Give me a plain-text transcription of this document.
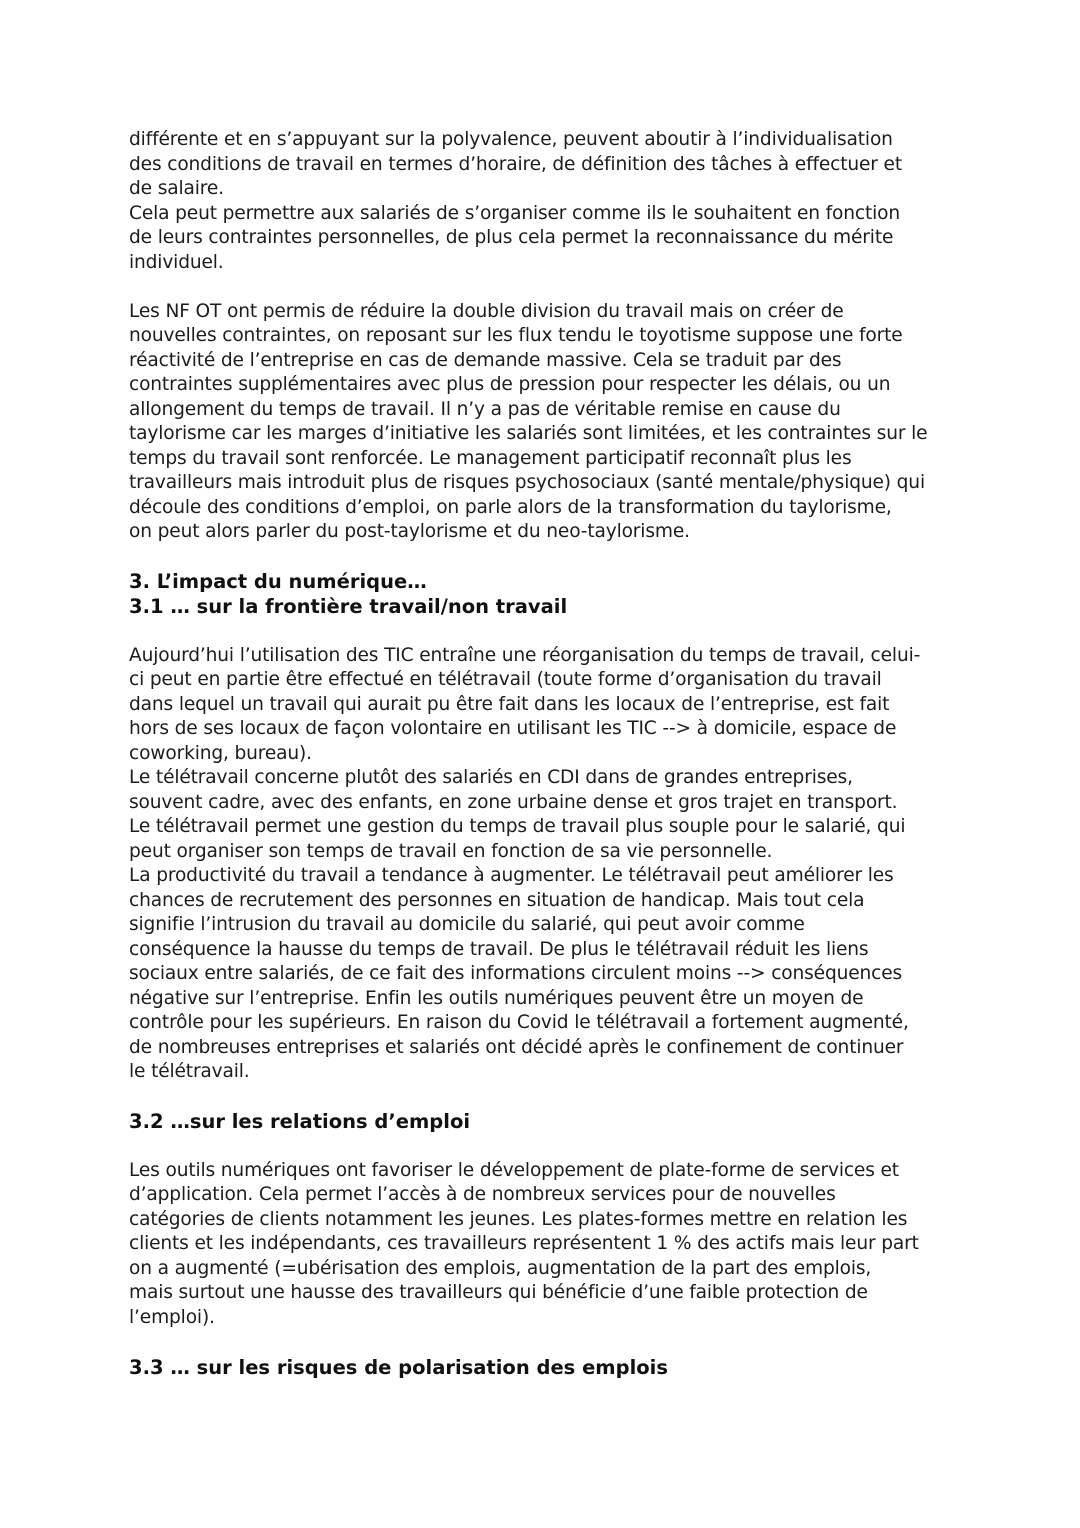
différente et en s’appuyant sur la polyvalence, peuvent aboutir à l’individualisation
des conditions de travail en termes d’horaire, de définition des tâches à effectuer et
de salaire.

Cela peut permettre aux salariés de s’organiser comme ils le souhaitent en fonction
de leurs contraintes personnelles, de plus cela permet la reconnaissance du mérite
individuel.

Les NF OT ont permis de réduire la double division du travail mais on créer de
nouvelles contraintes, on reposant sur les flux tendu le toyotisme suppose une forte
réactivité de l’entreprise en cas de demande massive. Cela se traduit par des
contraintes supplémentaires avec plus de pression pour respecter les délais, ou un
allongement du temps de travail. Il n’y a pas de véritable remise en cause du
taylorisme car les marges d’initiative les salariés sont limitées, et les contraintes sur le
temps du travail sont renforcée. Le management participatif reconnaît plus les
travailleurs mais introduit plus de risques psychosociaux (santé mentale/physique) qui
découle des conditions d’emploi, on parle alors de la transformation du taylorisme,
on peut alors parler du post-taylorisme et du neo-taylorisme.

3. L’impact du numérique…
3.1 … sur la frontière travail/non travail

Aujourd’hui l’utilisation des TIC entraîne une réorganisation du temps de travail, celui-
ci peut en partie être effectué en télétravail (toute forme d’organisation du travail
dans lequel un travail qui aurait pu être fait dans les locaux de l’entreprise, est fait
hors de ses locaux de façon volontaire en utilisant les TIC --> à domicile, espace de
coworking, bureau).

Le télétravail concerne plutôt des salariés en CDI dans de grandes entreprises,
souvent cadre, avec des enfants, en zone urbaine dense et gros trajet en transport.

Le télétravail permet une gestion du temps de travail plus souple pour le salarié, qui
peut organiser son temps de travail en fonction de sa vie personnelle.

La productivité du travail a tendance à augmenter. Le télétravail peut améliorer les
chances de recrutement des personnes en situation de handicap. Mais tout cela
signifie l’intrusion du travail au domicile du salarié, qui peut avoir comme
conséquence la hausse du temps de travail. De plus le télétravail réduit les liens
sociaux entre salariés, de ce fait des informations circulent moins --> conséquences
négative sur l’entreprise. Enfin les outils numériques peuvent être un moyen de
contrôle pour les supérieurs. En raison du Covid le télétravail a fortement augmenté,
de nombreuses entreprises et salariés ont décidé après le confinement de continuer
le télétravail.

3.2 …sur les relations d’emploi

Les outils numériques ont favoriser le développement de plate-forme de services et
d’application. Cela permet l’accès à de nombreux services pour de nouvelles
catégories de clients notamment les jeunes. Les plates-formes mettre en relation les
clients et les indépendants, ces travailleurs représentent 1 % des actifs mais leur part
on a augmenté (=ubérisation des emplois, augmentation de la part des emplois,
mais surtout une hausse des travailleurs qui bénéficie d’une faible protection de
l’emploi).

3.3 … sur les risques de polarisation des emplois
